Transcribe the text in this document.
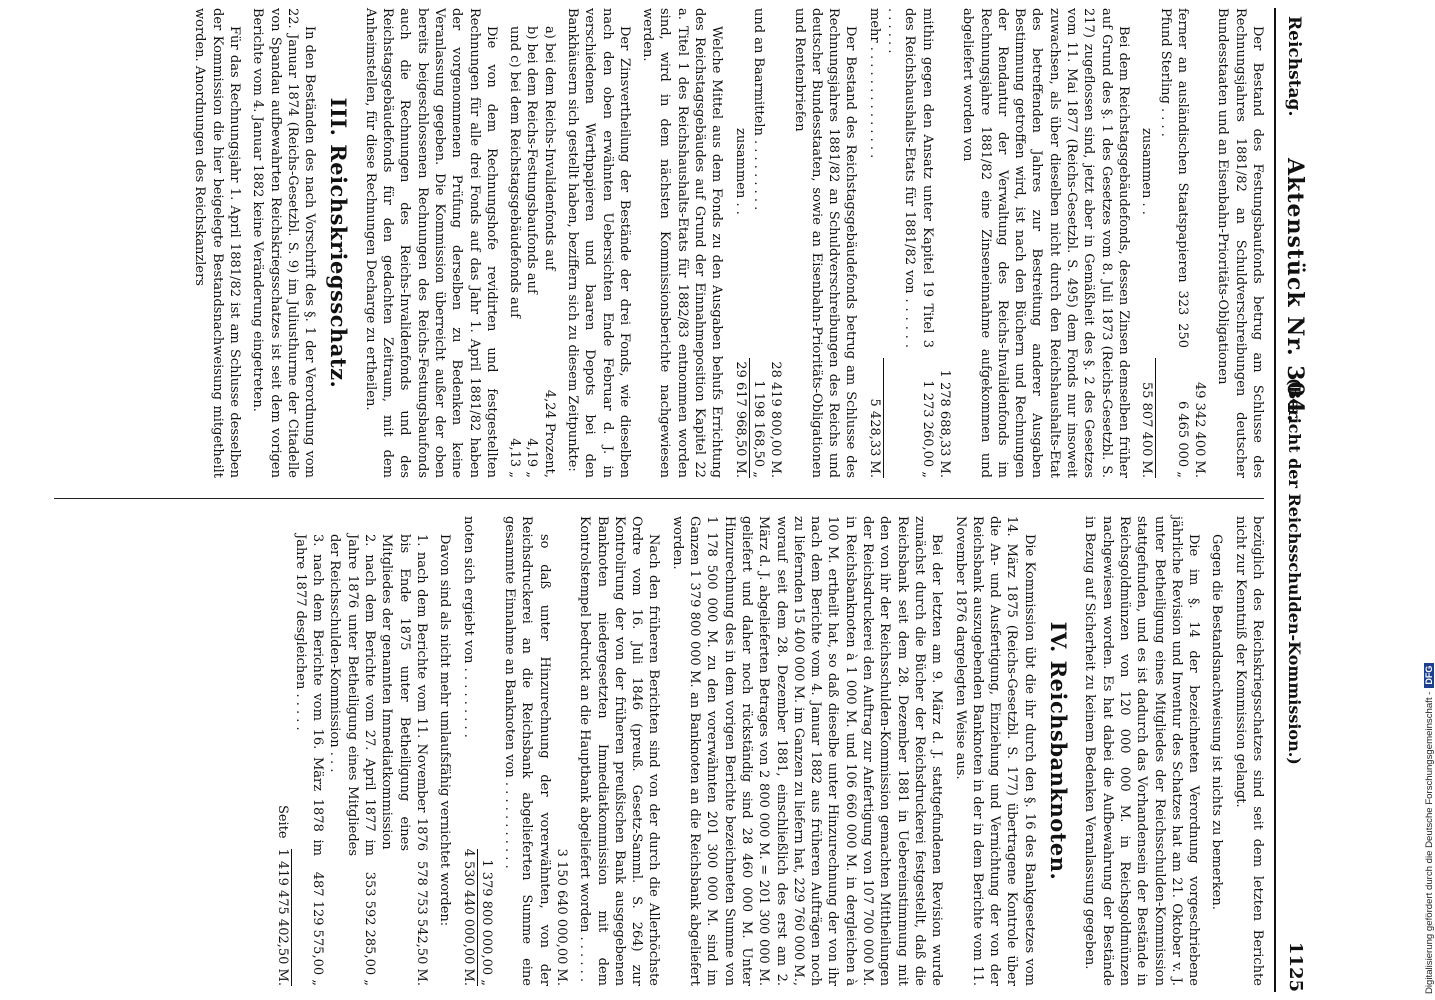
Reichstag.
Aktenstück Nr. 304.
(Bericht der Reichsschulden-Kommission.)
1125

Der Bestand des Festungsbaufonds betrug am Schlusse des Rechnungsjahres 1881/82 an Schuldverschreibungen deutscher Bundesstaaten und an Eisenbahn-Prioritäts-Obligationen

49 342 400 M.
ferner an ausländischen Staatspapieren 323 250 Pfund Sterling . . . .
6 465 000 „
zusammen . .
55 807 400 M.

Bei dem Reichstagsgebäudefonds, dessen Zinsen demselben früher auf Grund des §. 1 des Gesetzes vom 8. Juli 1873 (Reichs-Gesetzbl. S. 217) zugeflossen sind, jetzt aber in Gemäßheit des §. 2 des Gesetzes vom 11. Mai 1877 (Reichs-Gesetzbl. S. 495) dem Fonds nur insoweit zuwachsen, als über dieselben nicht durch den Reichshaushalts-Etat des betreffenden Jahres zur Bestreitung anderer Ausgaben Bestimmung getroffen wird, ist nach den Büchern und Rechnungen der Rendantur der Verwaltung des Reichs-Invalidenfonds im Rechnungsjahre 1881/82 eine Zinseneinnahme aufgekommen und abgeliefert worden von

1 278 688,33 M.
mithin gegen den Ansatz unter Kapitel 19 Titel 3 des Reichshaushalts-Etats für 1881/82 von . . . . . . . . . . . .
1 273 260,00 „
mehr . . . . . . . . . . . . . .
5 428,33 M.

Der Bestand des Reichstagsgebäudefonds betrug am Schlusse des Rechnungsjahres 1881/82 an Schuldverschreibungen des Reichs und deutscher Bundesstaaten, sowie an Eisenbahn-Prioritäts-Obligationen und Rentenbriefen

28 419 800,00 M.
und an Baarmitteln . . . . . . . . .
1 198 168,50 „
zusammen . .
29 617 968,50 M.

Welche Mittel aus dem Fonds zu den Ausgaben behufs Errichtung des Reichstagsgebäudes auf Grund der Einnahmeposition Kapitel 22 a. Titel 1 des Reichshaushalts-Etats für 1882/83 entnommen worden sind, wird in dem nächsten Kommissionsberichte nachgewiesen werden.

Der Zinsvertheilung der Bestände der drei Fonds, wie dieselben nach den oben erwähnten Uebersichten Ende Februar d. J. in verschiedenen Werthpapieren und baaren Depots bei den Bankhäusern sich gestellt haben, beziffern sich zu diesem Zeitpunkte:

a) bei dem Reichs-Invalidenfonds auf
4,24 Prozent,
b) bei dem Reichs-Festungsbaufonds auf
4,19 „
und c) bei dem Reichstagsgebäudefonds auf
4,13 „

Die von dem Rechnungshofe revidirten und festgestellten Rechnungen für alle drei Fonds auf das Jahr 1. April 1881/82 haben der vorgenommenen Prüfung derselben zu Bedenken keine Veranlassung gegeben. Die Kommission überreicht außer der oben bereits beigeschlossenen Rechnungen des Reichs-Festungsbaufonds auch die Rechnungen des Reichs-Invalidenfonds und des Reichstagsgebäudefonds für den gedachten Zeitraum, mit dem Anheimstellen, für diese Rechnungen Decharge zu ertheilen.

III. Reichskriegsschatz.

In den Beständen des nach Vorschrift des §. 1 der Verordnung vom 22. Januar 1874 (Reichs-Gesetzbl. S. 9) im Juliusthurme der Citadelle von Spandau aufbewahrten Reichskriegsschatzes ist seit dem vorigen Berichte vom 4. Januar 1882 keine Veränderung eingetreten.

Für das Rechnungsjahr 1. April 1881/82 ist am Schlusse desselben der Kommission die hier beigelegte Bestandsnachweisung mitgetheilt worden. Anordnungen des Reichskanzlers

bezüglich des Reichskriegsschatzes sind seit dem letzten Berichte nicht zur Kenntniß der Kommission gelangt.

Gegen die Bestandsnachweisung ist nichts zu bemerken.

Die im §. 14 der bezeichneten Verordnung vorgeschriebene jährliche Revision und Inventur des Schatzes hat am 21. Oktober v. J. unter Betheiligung eines Mitgliedes der Reichsschulden-Kommission stattgefunden, und es ist dadurch das Vorhandensein der Bestände in Reichsgoldmünzen von 120 000 000 M. in Reichsgoldmünzen nachgewiesen worden. Es hat dabei die Aufbewahrung der Bestände in Bezug auf Sicherheit zu keinem Bedenken Veranlassung gegeben.

IV. Reichsbanknoten.

Die Kommission übt die ihr durch den §. 16 des Bankgesetzes vom 14. März 1875 (Reichs-Gesetzbl. S. 177) übertragene Kontrole über die An- und Ausfertigung, Einziehung und Vernichtung der von der Reichsbank auszugebenden Banknoten in der in dem Berichte vom 11. November 1876 dargelegten Weise aus.

Bei der letzten am 9. März d. J. stattgefundenen Revision wurde zunächst durch die Bücher der Reichsdruckerei festgestellt, daß die Reichsbank seit dem 28. Dezember 1881 in Uebereinstimmung mit den von ihr der Reichsschulden-Kommission gemachten Mittheilungen der Reichsdruckerei den Auftrag zur Anfertigung von 107 700 000 M. in Reichsbanknoten à 1 000 M. und 106 660 000 M. in dergleichen à 100 M. ertheilt hat, so daß dieselbe unter Hinzurechnung der von ihr nach dem Berichte vom 4. Januar 1882 aus früheren Aufträgen noch zu liefernden 15 400 000 M. im Ganzen zu liefern hat, 229 760 000 M., worauf seit dem 28. Dezember 1881, einschließlich des erst am 2. März d. J. abgelieferten Betrages von 2 800 000 M. = 201 300 000 M. geliefert und daher noch rückständig sind 28 460 000 M. Unter Hinzurechnung des in dem vorigen Berichte bezeichneten Summe von 1 178 500 000 M. zu den vorerwähnten 201 300 000 M. sind im Ganzen 1 379 800 000 M. an Banknoten an die Reichsbank abgeliefert worden.

Nach den früheren Berichten sind von der durch die Allerhöchste Ordre vom 16. Juli 1846 (preuß. Gesetz-Samml. S. 264) zur Kontrolirung der von der früheren preußischen Bank ausgegebenen Banknoten niedergesetzten Immediatkommission mit dem Kontrolstempel bedruckt an die Hauptbank abgeliefert worden . . . . . .

3 150 640 000,00 M.

so daß unter Hinzurechnung der vorerwähnten, von der Reichsdruckerei an die Reichsbank abgelieferten Summe eine gesammte Einnahme an Banknoten von . . . . . . . . . . .

1 379 800 000,00 „
noten sich ergiebt von . . . . . . . . .
4 530 440 000,00 M.

Davon sind als nicht mehr umlaufsfähig vernichtet worden:

1. nach dem Berichte vom 11. November 1876 bis Ende 1875 unter Betheiligung eines Mitgliedes der genannten Immediatkommission
578 753 542,50 M.
2. nach dem Berichte vom 27. April 1877 im Jahre 1876 unter Betheiligung eines Mitgliedes der Reichsschulden-Kommission . . .
353 592 285,00 „
3. nach dem Berichte vom 16. März 1878 im Jahre 1877 desgleichen . . . . .
487 129 575,00 „
Seite
1 419 475 402,50 M.	Digitalisierung gefördert durch die Deutsche Forschungsgemeinschaft -DFG
